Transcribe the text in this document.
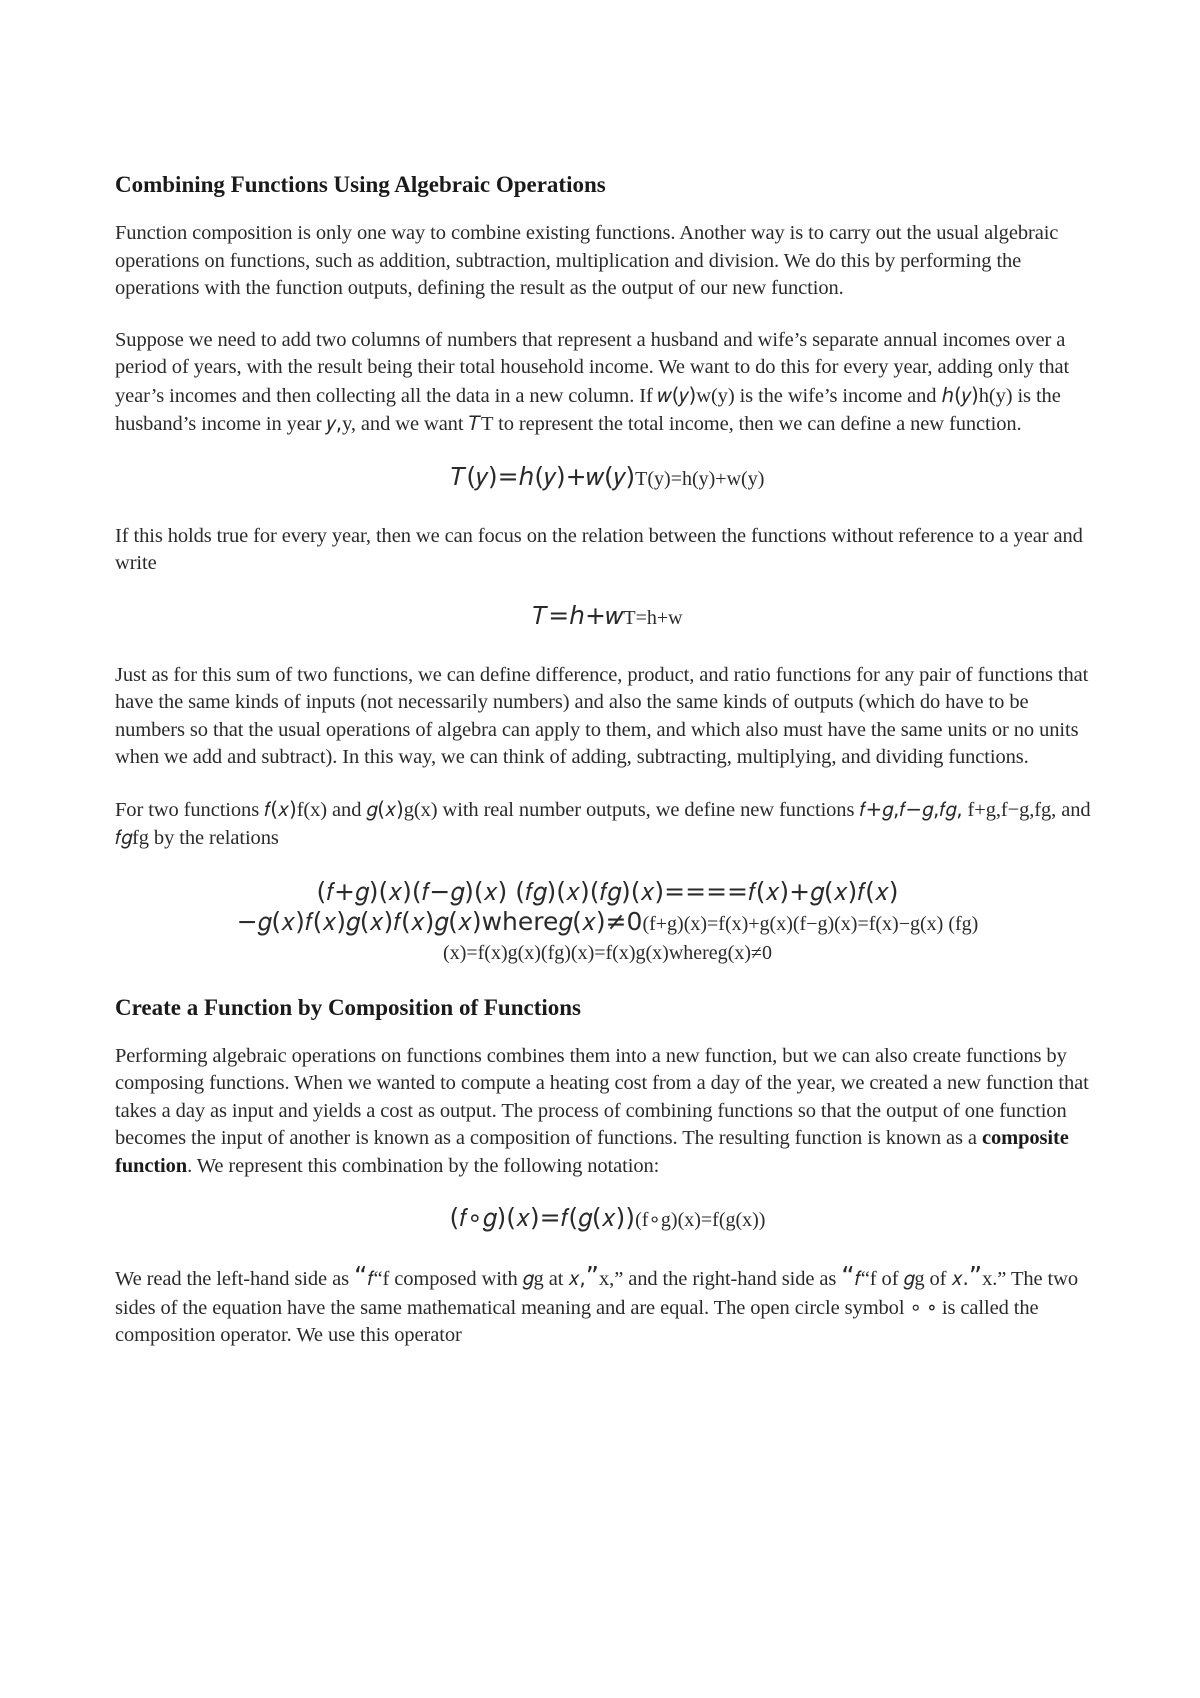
Combining Functions Using Algebraic Operations

Function composition is only one way to combine existing functions. Another way is to carry out the usual algebraic operations on functions, such as addition, subtraction, multiplication and division. We do this by performing the operations with the function outputs, defining the result as the output of our new function.

Suppose we need to add two columns of numbers that represent a husband and wife’s separate annual incomes over a period of years, with the result being their total household income. We want to do this for every year, adding only that year’s incomes and then collecting all the data in a new column. If 𝑤(𝑦)w(y) is the wife’s income and ℎ(𝑦)h(y) is the husband’s income in year 𝑦,y, and we want 𝑇T to represent the total income, then we can define a new function.

𝑇(𝑦)=ℎ(𝑦)+𝑤(𝑦)T(y)=h(y)+w(y)

If this holds true for every year, then we can focus on the relation between the functions without reference to a year and write

𝑇=ℎ+𝑤T=h+w

Just as for this sum of two functions, we can define difference, product, and ratio functions for any pair of functions that have the same kinds of inputs (not necessarily numbers) and also the same kinds of outputs (which do have to be numbers so that the usual operations of algebra can apply to them, and which also must have the same units or no units when we add and subtract). In this way, we can think of adding, subtracting, multiplying, and dividing functions.

For two functions 𝑓(𝑥)f(x) and 𝑔(𝑥)g(x) with real number outputs, we define new functions 𝑓+𝑔,𝑓−𝑔,𝑓𝑔, f+g,f−g,fg, and 𝑓𝑔fg by the relations

(𝑓+𝑔)(𝑥)(𝑓−𝑔)(𝑥) (𝑓𝑔)(𝑥)(𝑓𝑔)(𝑥)====𝑓(𝑥)+𝑔(𝑥)𝑓(𝑥)
−𝑔(𝑥)𝑓(𝑥)𝑔(𝑥)𝑓(𝑥)𝑔(𝑥)where𝑔(𝑥)≠0(f+g)(x)=f(x)+g(x)(f−g)(x)=f(x)−g(x) (fg)
(x)=f(x)g(x)(fg)(x)=f(x)g(x)whereg(x)≠0
Create a Function by Composition of Functions

Performing algebraic operations on functions combines them into a new function, but we can also create functions by composing functions. When we wanted to compute a heating cost from a day of the year, we created a new function that takes a day as input and yields a cost as output. The process of combining functions so that the output of one function becomes the input of another is known as a composition of functions. The resulting function is known as a composite function. We represent this combination by the following notation:

(𝑓∘𝑔)(𝑥)=𝑓(𝑔(𝑥))(f∘g)(x)=f(g(x))

We read the left-hand side as “𝑓“f composed with 𝑔g at 𝑥,”x,” and the right-hand side as “𝑓“f of 𝑔g of 𝑥.”x.” The two sides of the equation have the same mathematical meaning and are equal. The open circle symbol ∘ ∘ is called the composition operator. We use this operator
